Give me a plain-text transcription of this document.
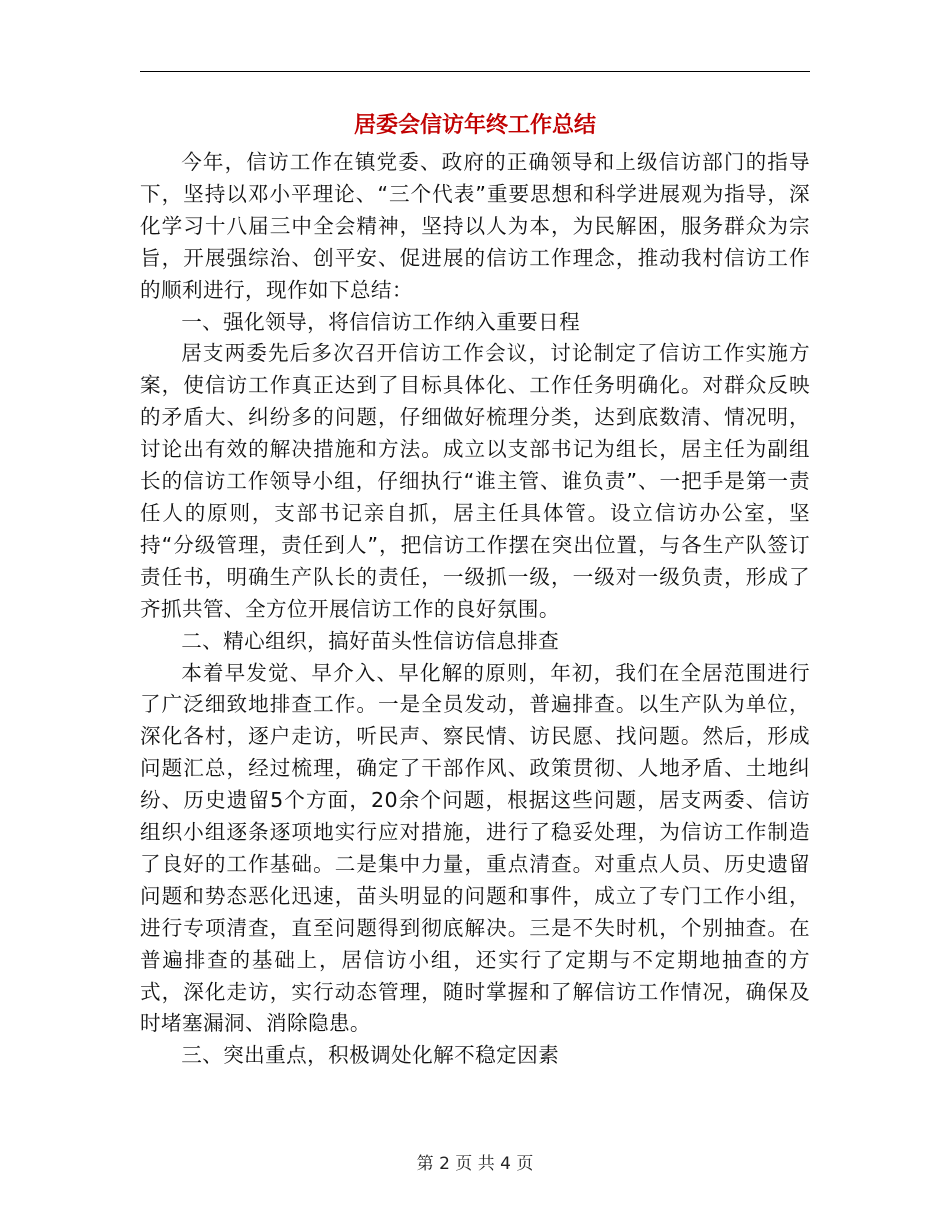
居委会信访年终工作总结

今年，信访工作在镇党委、政府的正确领导和上级信访部门的指导下，坚持以邓小平理论、“三个代表”重要思想和科学进展观为指导，深化学习十八届三中全会精神，坚持以人为本，为民解困，服务群众为宗旨，开展强综治、创平安、促进展的信访工作理念，推动我村信访工作的顺利进行，现作如下总结：

一、强化领导，将信信访工作纳入重要日程

居支两委先后多次召开信访工作会议，讨论制定了信访工作实施方案，使信访工作真正达到了目标具体化、工作任务明确化。对群众反映的矛盾大、纠纷多的问题，仔细做好梳理分类，达到底数清、情况明，讨论出有效的解决措施和方法。成立以支部书记为组长，居主任为副组长的信访工作领导小组，仔细执行“谁主管、谁负责”、一把手是第一责任人的原则，支部书记亲自抓，居主任具体管。设立信访办公室，坚持“分级管理，责任到人”，把信访工作摆在突出位置，与各生产队签订责任书，明确生产队长的责任，一级抓一级，一级对一级负责，形成了齐抓共管、全方位开展信访工作的良好氛围。

二、精心组织，搞好苗头性信访信息排查

本着早发觉、早介入、早化解的原则，年初，我们在全居范围进行了广泛细致地排查工作。一是全员发动，普遍排查。以生产队为单位，深化各村，逐户走访，听民声、察民情、访民愿、找问题。然后，形成问题汇总，经过梳理，确定了干部作风、政策贯彻、人地矛盾、土地纠纷、历史遗留5个方面，20余个问题，根据这些问题，居支两委、信访组织小组逐条逐项地实行应对措施，进行了稳妥处理，为信访工作制造了良好的工作基础。二是集中力量，重点清查。对重点人员、历史遗留问题和势态恶化迅速，苗头明显的问题和事件，成立了专门工作小组，进行专项清查，直至问题得到彻底解决。三是不失时机，个别抽查。在普遍排查的基础上，居信访小组，还实行了定期与不定期地抽查的方式，深化走访，实行动态管理，随时掌握和了解信访工作情况，确保及时堵塞漏洞、消除隐患。

三、突出重点，积极调处化解不稳定因素

第 2 页 共 4 页
